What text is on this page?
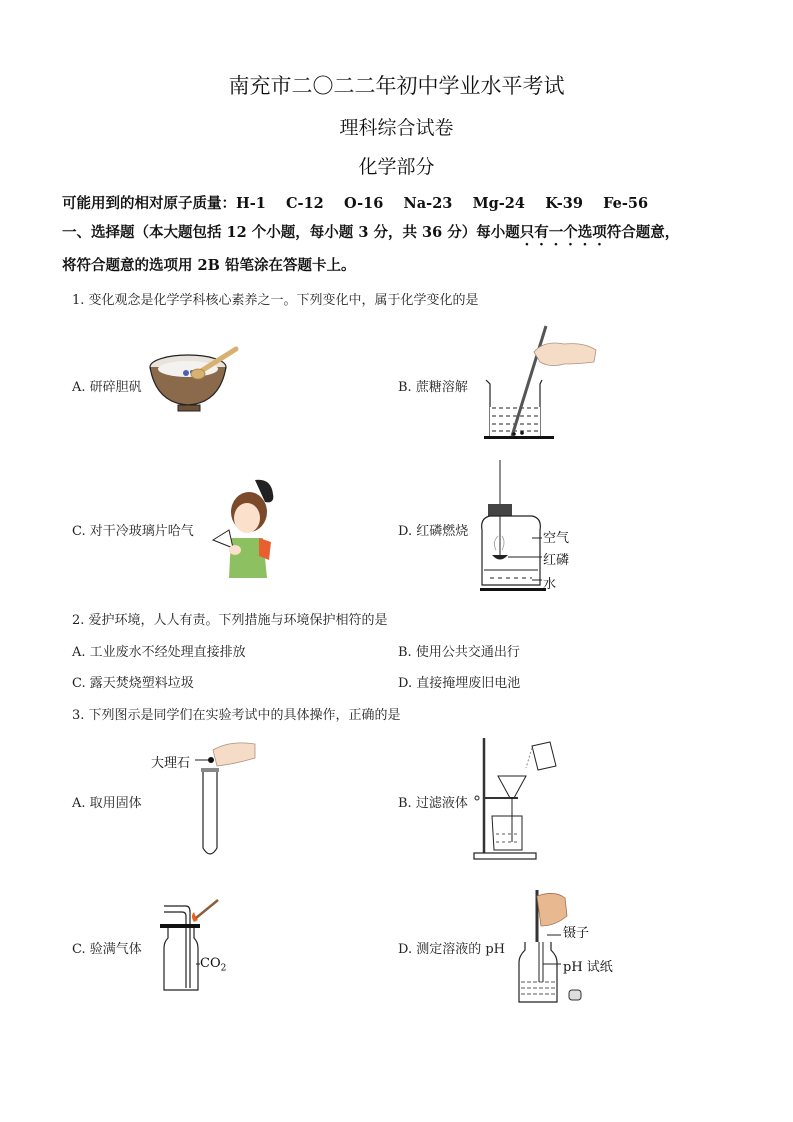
南充市二〇二二年初中学业水平考试
理科综合试卷
化学部分
可能用到的相对原子质量：H-1 C-12 O-16 Na-23 Mg-24 K-39 Fe-56
一、选择题（本大题包括 12 个小题，每小题 3 分，共 36 分）每小题只有一个选项符合题意，
将符合题意的选项用 2B 铅笔涂在答题卡上。
1. 变化观念是化学学科核心素养之一。下列变化中，属于化学变化的是
A. 研碎胆矾	B. 蔗糖溶解
C. 对干冷玻璃片哈气	D. 红磷燃烧	空气
红磷
水
2. 爱护环境，人人有责。下列措施与环境保护相符的是
A. 工业废水不经处理直接排放	B. 使用公共交通出行
C. 露天焚烧塑料垃圾	D. 直接掩埋废旧电池
3. 下列图示是同学们在实验考试中的具体操作，正确的是
A. 取用固体
大理石
B. 过滤液体
C. 验满气体
$CO_2$
D. 测定溶液的 pH
镊子
pH 试纸
